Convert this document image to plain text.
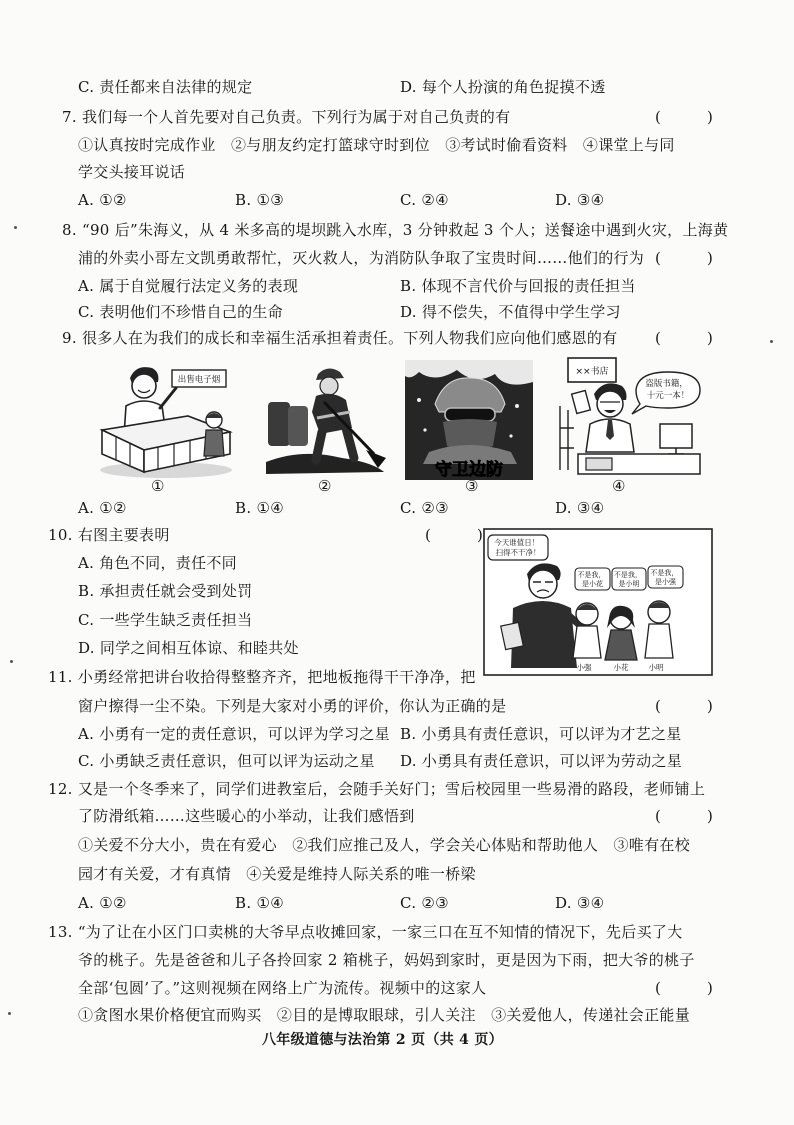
C. 责任都来自法律的规定	D. 每个人扮演的角色捉摸不透
7. 我们每一个人首先要对自己负责。下列行为属于对自己负责的有	(　　　)
①认真按时完成作业　②与朋友约定打篮球守时到位　③考试时偷看资料　④课堂上与同
学交头接耳说话
A. ①②	B. ①③	C. ②④	D. ③④
8. “90 后”朱海义，从 4 米多高的堤坝跳入水库，3 分钟救起 3 个人；送餐途中遇到火灾，上海黄
浦的外卖小哥左文凯勇敢帮忙，灭火救人，为消防队争取了宝贵时间……他们的行为 (　　　)
A. 属于自觉履行法定义务的表现	B. 体现不言代价与回报的责任担当
C. 表明他们不珍惜自己的生命	D. 得不偿失，不值得中学生学习
9. 很多人在为我们的成长和幸福生活承担着责任。下列人物我们应向他们感恩的有	(　　　)
出售电子烟
守卫边防
××书店
盗版书籍， 十元一本！
①	②	③	④
A. ①②	B. ①④	C. ②③	D. ③④
10. 右图主要表明	(　　　)
A. 角色不同，责任不同
B. 承担责任就会受到处罚
C. 一些学生缺乏责任担当
D. 同学之间相互体谅、和睦共处
今天谁值日！ 扫得不干净！
不是我， 是小花
不是我， 是小明
不是我， 是小强
小强	小花	小明
11. 小勇经常把讲台收拾得整整齐齐，把地板拖得干干净净，把
窗户擦得一尘不染。下列是大家对小勇的评价，你认为正确的是	(　　　)
A. 小勇有一定的责任意识，可以评为学习之星 B. 小勇具有责任意识，可以评为才艺之星
C. 小勇缺乏责任意识，但可以评为运动之星 D. 小勇具有责任意识，可以评为劳动之星
12. 又是一个冬季来了，同学们进教室后，会随手关好门；雪后校园里一些易滑的路段，老师铺上
了防滑纸箱……这些暖心的小举动，让我们感悟到	(　　　)
①关爱不分大小，贵在有爱心　②我们应推己及人，学会关心体贴和帮助他人　③唯有在校
园才有关爱，才有真情　④关爱是维持人际关系的唯一桥梁
A. ①②	B. ①④	C. ②③	D. ③④
13. “为了让在小区门口卖桃的大爷早点收摊回家，一家三口在互不知情的情况下，先后买了大
爷的桃子。先是爸爸和儿子各拎回家 2 箱桃子，妈妈到家时，更是因为下雨，把大爷的桃子
全部‘包圆’了。”这则视频在网络上广为流传。视频中的这家人	(　　　)
①贪图水果价格便宜而购买　②目的是博取眼球，引人关注　③关爱他人，传递社会正能量
八年级道德与法治第 2 页（共 4 页）
